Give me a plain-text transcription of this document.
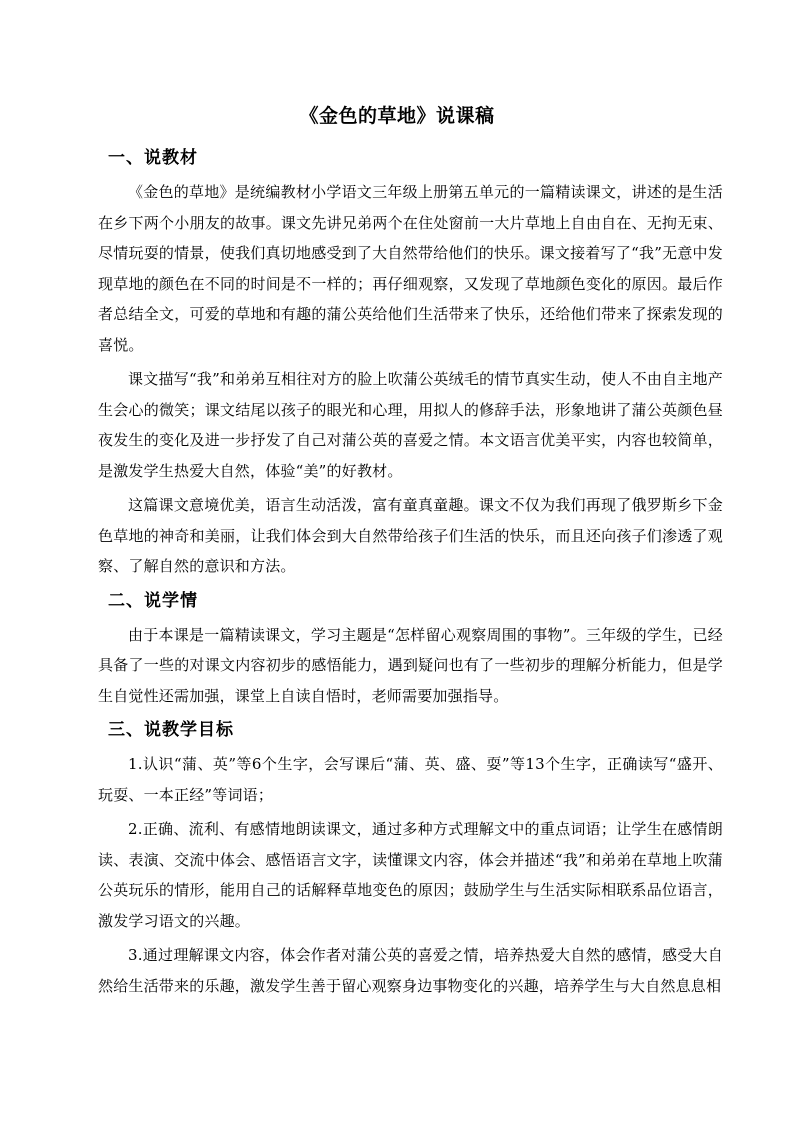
《金色的草地》说课稿
一、说教材

《金色的草地》是统编教材小学语文三年级上册第五单元的一篇精读课文，讲述的是生活在乡下两个小朋友的故事。课文先讲兄弟两个在住处窗前一大片草地上自由自在、无拘无束、尽情玩耍的情景，使我们真切地感受到了大自然带给他们的快乐。课文接着写了“我”无意中发现草地的颜色在不同的时间是不一样的；再仔细观察，又发现了草地颜色变化的原因。最后作者总结全文，可爱的草地和有趣的蒲公英给他们生活带来了快乐，还给他们带来了探索发现的喜悦。

课文描写“我”和弟弟互相往对方的脸上吹蒲公英绒毛的情节真实生动，使人不由自主地产生会心的微笑；课文结尾以孩子的眼光和心理，用拟人的修辞手法，形象地讲了蒲公英颜色昼夜发生的变化及进一步抒发了自己对蒲公英的喜爱之情。本文语言优美平实，内容也较简单，是激发学生热爱大自然，体验“美”的好教材。

这篇课文意境优美，语言生动活泼，富有童真童趣。课文不仅为我们再现了俄罗斯乡下金色草地的神奇和美丽，让我们体会到大自然带给孩子们生活的快乐，而且还向孩子们渗透了观察、了解自然的意识和方法。

二、说学情

由于本课是一篇精读课文，学习主题是“怎样留心观察周围的事物”。三年级的学生，已经具备了一些的对课文内容初步的感悟能力，遇到疑问也有了一些初步的理解分析能力，但是学生自觉性还需加强，课堂上自读自悟时，老师需要加强指导。

三、说教学目标

1.认识“蒲、英”等6个生字，会写课后“蒲、英、盛、耍”等13个生字，正确读写“盛开、玩耍、一本正经”等词语；

2.正确、流利、有感情地朗读课文，通过多种方式理解文中的重点词语；让学生在感情朗读、表演、交流中体会、感悟语言文字，读懂课文内容，体会并描述“我”和弟弟在草地上吹蒲公英玩乐的情形，能用自己的话解释草地变色的原因；鼓励学生与生活实际相联系品位语言，激发学习语文的兴趣。

3.通过理解课文内容，体会作者对蒲公英的喜爱之情，培养热爱大自然的感情，感受大自然给生活带来的乐趣，激发学生善于留心观察身边事物变化的兴趣，培养学生与大自然息息相
